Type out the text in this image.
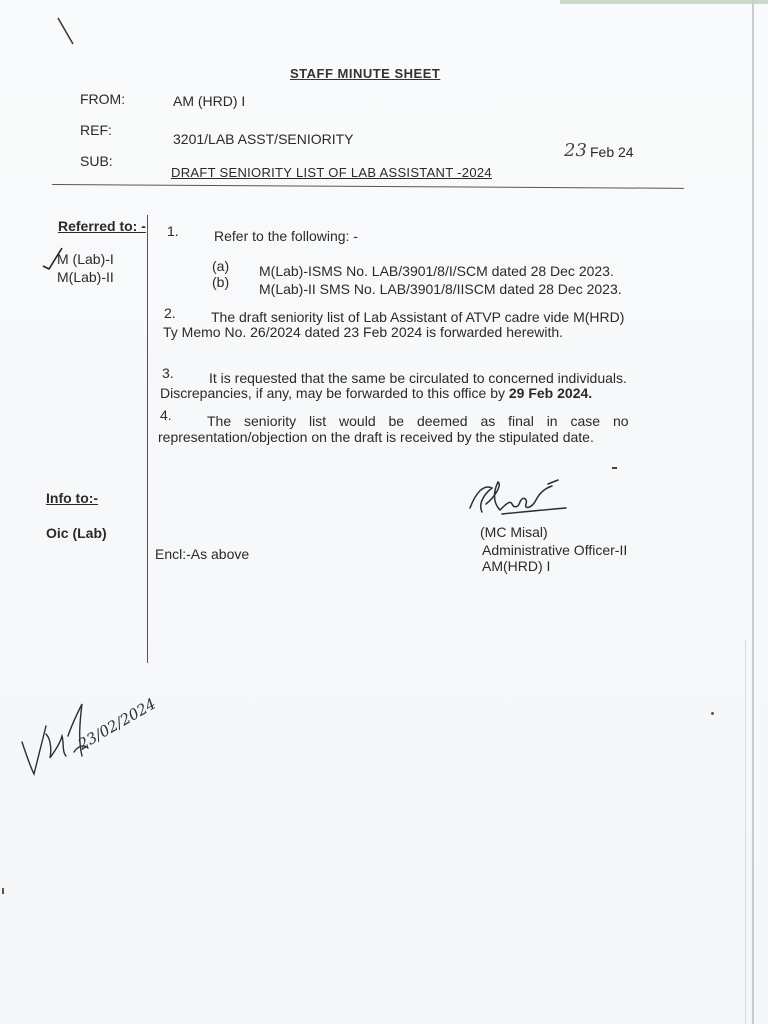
STAFF MINUTE SHEET
FROM:	AM (HRD) I
REF:
3201/LAB ASST/SENIORITY
23 Feb 24
SUB:
DRAFT SENIORITY LIST OF LAB ASSISTANT -2024
Referred to: -
M (Lab)-I
M(Lab)-II
Info to:-
Oic (Lab)
1.	Refer to the following: -
(a) M(Lab)-ISMS No. LAB/3901/8/I/SCM dated 28 Dec 2023.
(b) M(Lab)-II SMS No. LAB/3901/8/IISCM dated 28 Dec 2023.
2.	The draft seniority list of Lab Assistant of ATVP cadre vide M(HRD)
Ty Memo No. 26/2024 dated 23 Feb 2024 is forwarded herewith.
3.	It is requested that the same be circulated to concerned individuals.
Discrepancies, if any, may be forwarded to this office by 29 Feb 2024.
4.	The seniority list would be deemed as final in case no
representation/objection on the draft is received by the stipulated date.
Encl:-As above
(MC Misal)
Administrative Officer-II
AM(HRD) I
23/02/2024
